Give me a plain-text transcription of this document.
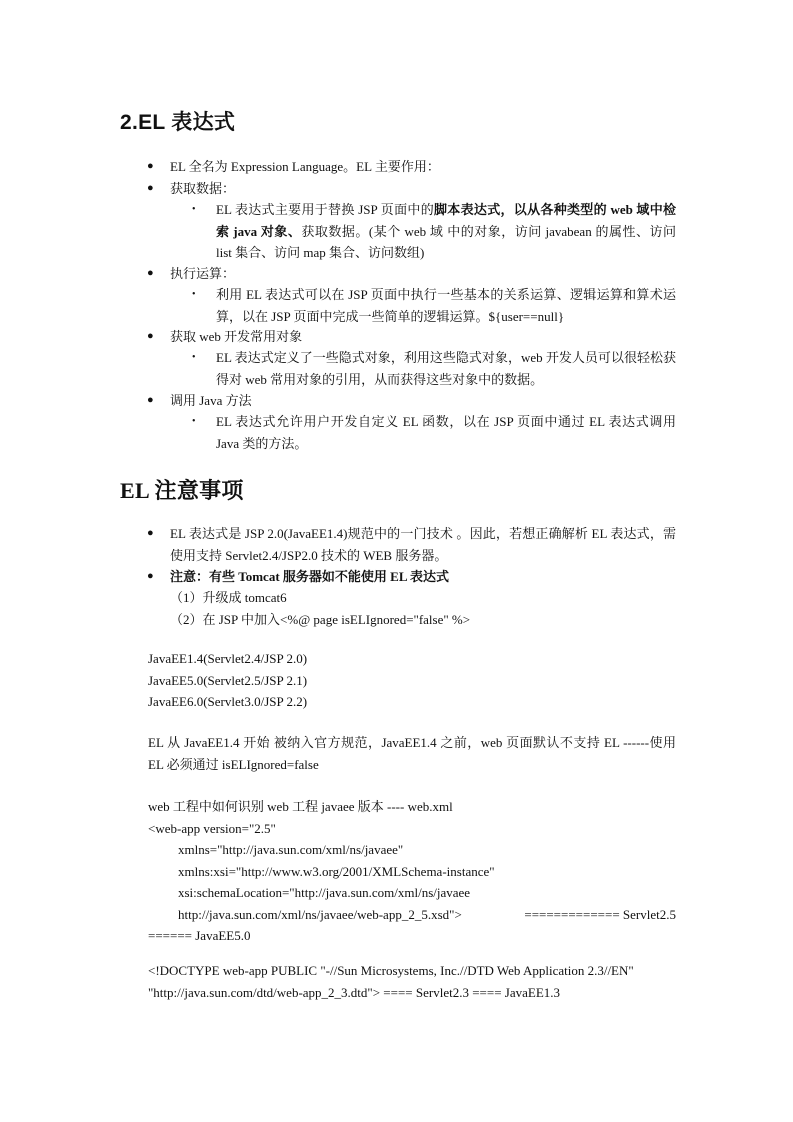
2.EL 表达式
● EL 全名为 Expression Language。EL 主要作用：
● 获取数据：
• EL 表达式主要用于替换 JSP 页面中的脚本表达式，以从各种类型的 web 域中检索 java 对象、获取数据。(某个 web 域 中的对象，访问 javabean 的属性、访问 list 集合、访问 map 集合、访问数组)
● 执行运算：
• 利用 EL 表达式可以在 JSP 页面中执行一些基本的关系运算、逻辑运算和算术运算，以在 JSP 页面中完成一些简单的逻辑运算。${user==null}
● 获取 web 开发常用对象
• EL 表达式定义了一些隐式对象，利用这些隐式对象，web 开发人员可以很轻松获得对 web 常用对象的引用，从而获得这些对象中的数据。
● 调用 Java 方法
• EL 表达式允许用户开发自定义 EL 函数，以在 JSP 页面中通过 EL 表达式调用 Java 类的方法。
EL 注意事项
● EL 表达式是 JSP 2.0(JavaEE1.4)规范中的一门技术 。因此，若想正确解析 EL 表达式，需使用支持 Servlet2.4/JSP2.0 技术的 WEB 服务器。
● 注意：有些 Tomcat 服务器如不能使用 EL 表达式
（1）升级成 tomcat6
（2）在 JSP 中加入<%@ page isELIgnored="false" %>
JavaEE1.4(Servlet2.4/JSP 2.0)
JavaEE5.0(Servlet2.5/JSP 2.1)
JavaEE6.0(Servlet3.0/JSP 2.2)
EL 从 JavaEE1.4 开始 被纳入官方规范，JavaEE1.4 之前，web 页面默认不支持 EL ------使用 EL 必须通过 isELIgnored=false
web 工程中如何识别 web 工程 javaee 版本 ---- web.xml
<web-app version="2.5"
xmlns="http://java.sun.com/xml/ns/javaee"
xmlns:xsi="http://www.w3.org/2001/XMLSchema-instance"
xsi:schemaLocation="http://java.sun.com/xml/ns/javaee
http://java.sun.com/xml/ns/javaee/web-app_2_5.xsd">	============= Servlet2.5
====== JavaEE5.0
<!DOCTYPE web-app PUBLIC "-//Sun Microsystems, Inc.//DTD Web Application 2.3//EN"
"http://java.sun.com/dtd/web-app_2_3.dtd"> ==== Servlet2.3 ==== JavaEE1.3
